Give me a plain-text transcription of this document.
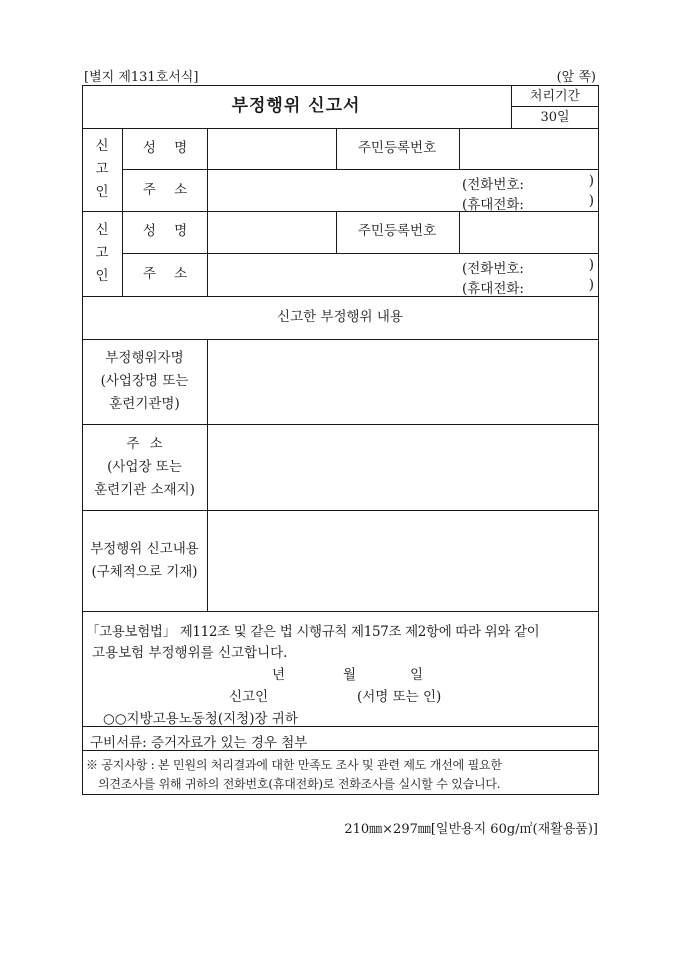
[별지 제131호서식]	(앞 쪽)
부정행위 신고서	처리기간
30일
신
고
인
성 명	주민등록번호
주 소	(전화번호:	)
(휴대전화:	)
신
고
인
성 명	주민등록번호
주 소	(전화번호:	)
(휴대전화:	)
신고한 부정행위 내용
부정행위자명
(사업장명 또는
훈련기관명)
주 소
(사업장 또는
훈련기관 소재지)
부정행위 신고내용
(구체적으로 기재)
「고용보험법」 제112조 및 같은 법 시행규칙 제157조 제2항에 따라 위와 같이
고용보험 부정행위를 신고합니다.
년	월	일
신고인	(서명 또는 인)
○○지방고용노동청(지청)장 귀하
구비서류: 증거자료가 있는 경우 첨부
※ 공지사항 : 본 민원의 처리결과에 대한 만족도 조사 및 관련 제도 개선에 필요한
의견조사를 위해 귀하의 전화번호(휴대전화)로 전화조사를 실시할 수 있습니다.
210㎜×297㎜[일반용지 60g/㎡(재활용품)]
